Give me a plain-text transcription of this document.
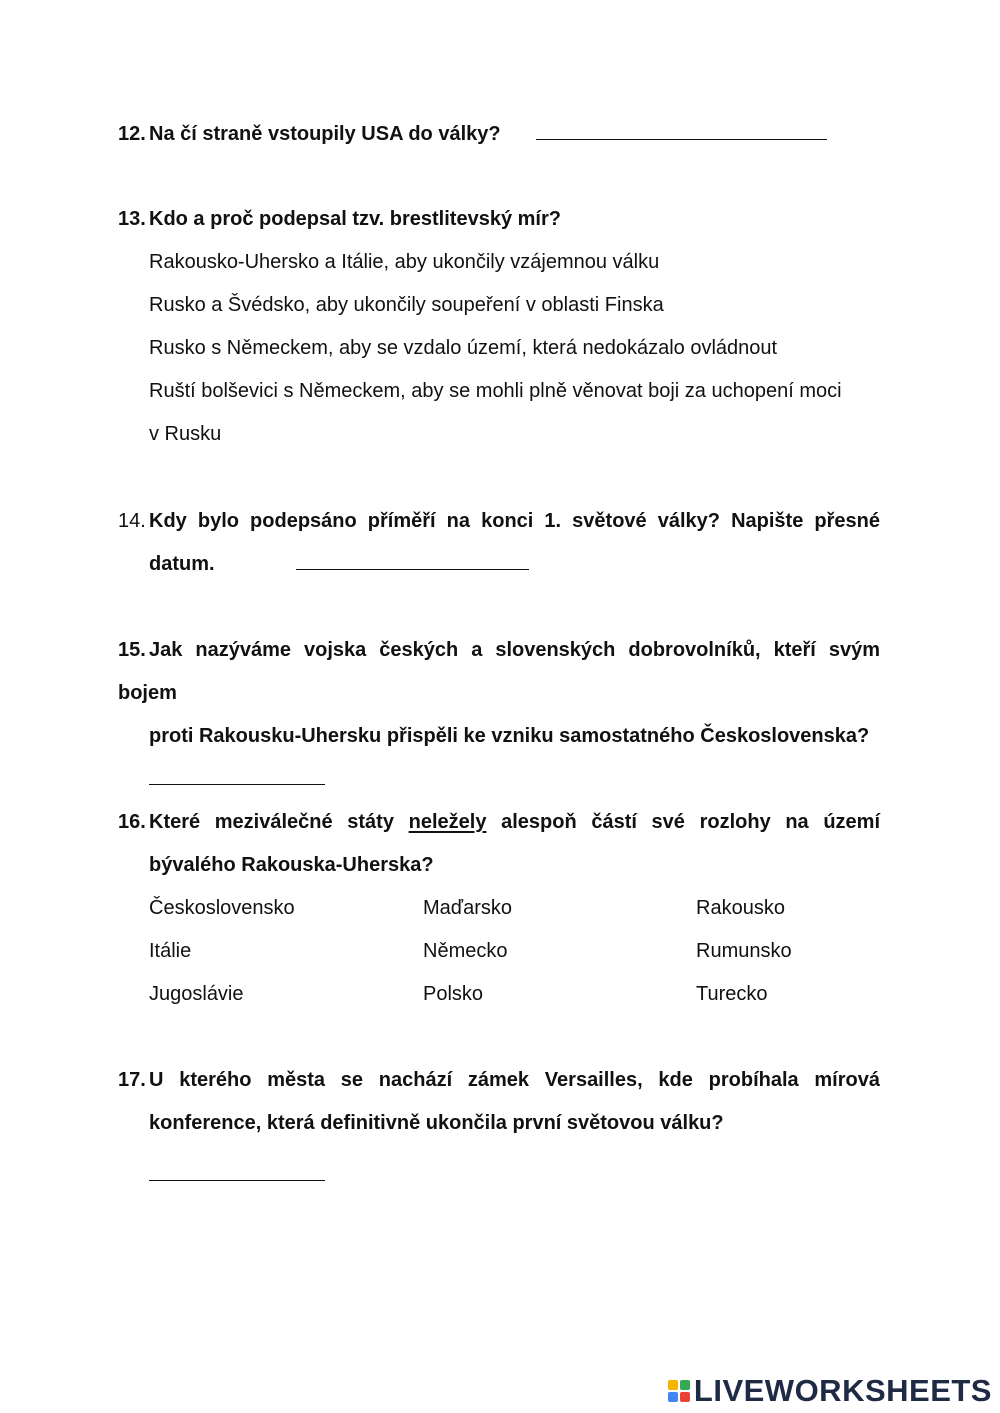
12. Na čí straně vstoupily USA do války?
13. Kdo a proč podepsal tzv. brestlitevský mír?
Rakousko-Uhersko a Itálie, aby ukončily vzájemnou válku
Rusko a Švédsko, aby ukončily soupeření v oblasti Finska
Rusko s Německem, aby se vzdalo území, která nedokázalo ovládnout
Ruští bolševici s Německem, aby se mohli plně věnovat boji za uchopení moci
v Rusku
14. Kdy bylo podepsáno příměří na konci 1. světové války? Napište přesné
datum.
15. Jak nazýváme vojska českých a slovenských dobrovolníků, kteří svým bojem
proti Rakousku-Uhersku přispěli ke vzniku samostatného Československa?
16. Které meziválečné státy neležely alespoň částí své rozlohy na území
bývalého Rakouska-Uherska?
Československo	Maďarsko	Rakousko
Itálie	Německo	Rumunsko
Jugoslávie	Polsko	Turecko
17. U kterého města se nachází zámek Versailles, kde probíhala mírová
konference, která definitivně ukončila první světovou válku?
LIVEWORKSHEETS
